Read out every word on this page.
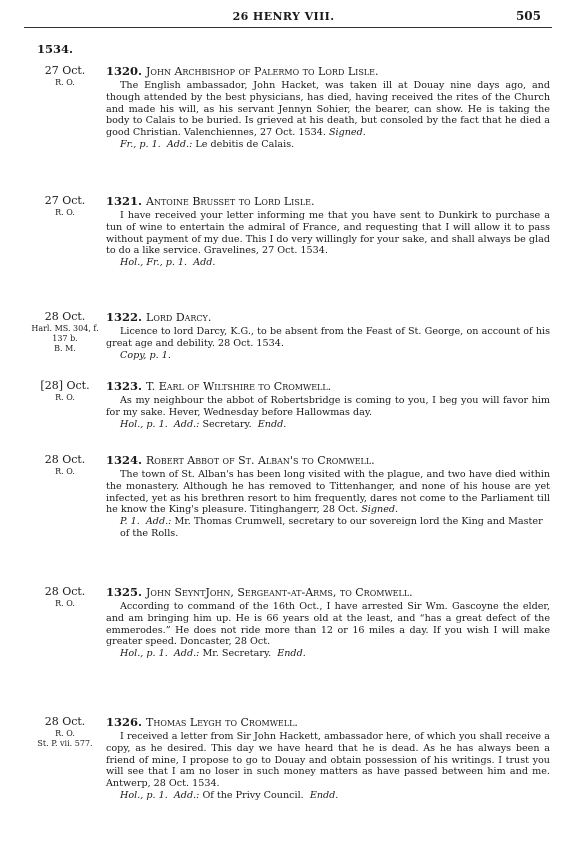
26 HENRY VIII.	505
1534.
27 Oct.
R. O.
1320. John Archbishop of Palermo to Lord Lisle.
The English ambassador, John Hacket, was taken ill at Douay nine days ago, and though attended by the best physicians, has died, having received the rites of the Church and made his will, as his servant Jennyn Sohier, the bearer, can show. He is taking the body to Calais to be buried. Is grieved at his death, but consoled by the fact that he died a good Christian. Valenchiennes, 27 Oct. 1534. Signed.
Fr., p. 1. Add.: Le debitis de Calais.
27 Oct.
R. O.
1321. Antoine Brusset to Lord Lisle.
I have received your letter informing me that you have sent to Dunkirk to purchase a tun of wine to entertain the admiral of France, and requesting that I will allow it to pass without payment of my due. This I do very willingly for your sake, and shall always be glad to do a like service. Gravelines, 27 Oct. 1534.
Hol., Fr., p. 1. Add.
28 Oct.
Harl. MS. 304, f. 137 b.
B. M.
1322. Lord Darcy.
Licence to lord Darcy, K.G., to be absent from the Feast of St. George, on account of his great age and debility. 28 Oct. 1534.
Copy, p. 1.
[28] Oct.
R. O.
1323. T. Earl of Wiltshire to Cromwell.
As my neighbour the abbot of Robertsbridge is coming to you, I beg you will favor him for my sake. Hever, Wednesday before Hallowmas day.
Hol., p. 1. Add.: Secretary. Endd.
28 Oct.
R. O.
1324. Robert Abbot of St. Alban's to Cromwell.
The town of St. Alban's has been long visited with the plague, and two have died within the monastery. Although he has removed to Tittenhanger, and none of his house are yet infected, yet as his brethren resort to him frequently, dares not come to the Parliament till he know the King's pleasure. Titinghangerr, 28 Oct. Signed.
P. 1. Add.: Mr. Thomas Crumwell, secretary to our sovereign lord the King and Master of the Rolls.
28 Oct.
R. O.
1325. John SeyntJohn, Sergeant-at-Arms, to Cromwell.
According to command of the 16th Oct., I have arrested Sir Wm. Gascoyne the elder, and am bringing him up. He is 66 years old at the least, and “has a great defect of the emmerodes.” He does not ride more than 12 or 16 miles a day. If you wish I will make greater speed. Doncaster, 28 Oct.
Hol., p. 1. Add.: Mr. Secretary. Endd.
28 Oct.
R. O.
St. P. vii. 577.
1326. Thomas Leygh to Cromwell.
I received a letter from Sir John Hackett, ambassador here, of which you shall receive a copy, as he desired. This day we have heard that he is dead. As he has always been a friend of mine, I propose to go to Douay and obtain possession of his writings. I trust you will see that I am no loser in such money matters as have passed between him and me. Antwerp, 28 Oct. 1534.
Hol., p. 1. Add.: Of the Privy Council. Endd.
